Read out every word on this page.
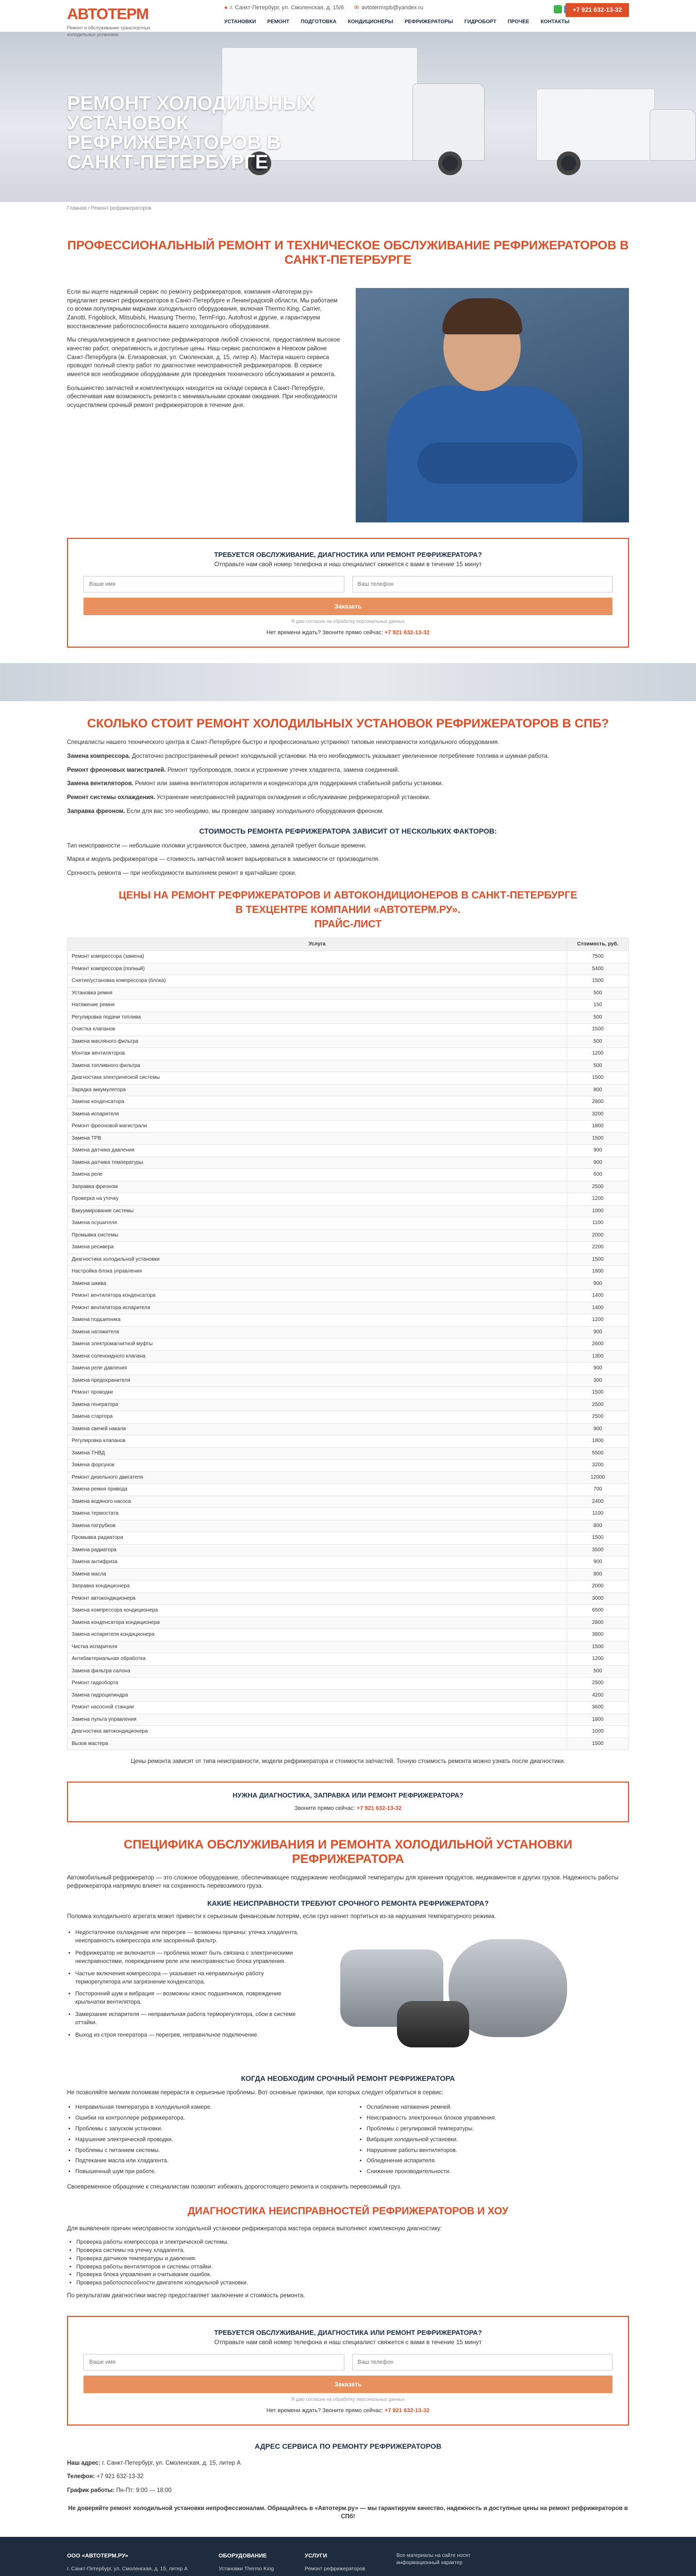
АВТОТЕРМ
Ремонт и обслуживание транспортных холодильных установок
● г. Санкт-Петербург, ул. Смоленская, д. 15/6 ✉ avtotermspb@yandex.ru	+7 921 632-13-32
УСТАНОВКИ РЕМОНТ ПОДГОТОВКА КОНДИЦИОНЕРЫ РЕФРИЖЕРАТОРЫ ГИДРОБОРТ ПРОЧЕЕ КОНТАКТЫ
РЕМОНТ ХОЛОДИЛЬНЫХ УСТАНОВОК РЕФРИЖЕРАТОРОВ В САНКТ-ПЕТЕРБУРГЕ
Главная / Ремонт рефрижераторов
ПРОФЕССИОНАЛЬНЫЙ РЕМОНТ И ТЕХНИЧЕСКОЕ ОБСЛУЖИВАНИЕ РЕФРИЖЕРАТОРОВ В САНКТ-ПЕТЕРБУРГЕ

Если вы ищете надежный сервис по ремонту рефрижераторов, компания «Автотерм.ру» предлагает ремонт рефрижераторов в Санкт-Петербурге и Ленинградской области. Мы работаем со всеми популярными марками холодильного оборудования, включая Thermo King, Carrier, Zanotti, Frigoblock, Mitsubishi, Hwasung Thermo, TermFrigo, Autofrost и другие, и гарантируем восстановление работоспособности вашего холодильного оборудования.

Мы специализируемся в диагностике рефрижераторов любой сложности, предоставляем высокое качество работ, оперативность и доступные цены. Наш сервис расположен в Невском районе Санкт-Петербурга (м. Елизаровская, ул. Смоленская, д. 15, литер А). Мастера нашего сервиса проводят полный спектр работ по диагностике неисправностей рефрижераторов. В сервисе имеется все необходимое оборудование для проведения технического обслуживания и ремонта.

Большинство запчастей и комплектующих находится на складе сервиса в Санкт-Петербурге, обеспечивая нам возможность ремонта с минимальными сроками ожидания. При необходимости осуществляем срочный ремонт рефрижераторов в течение дня.

ТРЕБУЕТСЯ ОБСЛУЖИВАНИЕ, ДИАГНОСТИКА ИЛИ РЕМОНТ РЕФРИЖЕРАТОРА?
Отправьте нам свой номер телефона и наш специалист свяжется с вами в течение 15 минут
Ваше имя
Ваш телефон
Заказать
Я даю согласие на обработку персональных данных
Нет времени ждать? Звоните прямо сейчас: +7 921 632-13-32
СКОЛЬКО СТОИТ РЕМОНТ ХОЛОДИЛЬНЫХ УСТАНОВОК РЕФРИЖЕРАТОРОВ В СПБ?

Специалисты нашего технического центра в Санкт-Петербурге быстро и профессионально устраняют типовые неисправности холодильного оборудования.

Замена компрессора. Достаточно распространенный ремонт холодильной установки. На его необходимость указывает увеличенное потребление топлива и шумная работа.

Ремонт фреоновых магистралей. Ремонт трубопроводов, поиск и устранение утечек хладагента, замена соединений.

Замена вентиляторов. Ремонт или замена вентиляторов испарителя и конденсатора для поддержания стабильной работы установки.

Ремонт системы охлаждения. Устранение неисправностей радиатора охлаждения и обслуживание рефрижераторной установки.

Заправка фреоном. Если для вас это необходимо, мы проведем заправку холодильного оборудования фреоном.

СТОИМОСТЬ РЕМОНТА РЕФРИЖЕРАТОРА ЗАВИСИТ ОТ НЕСКОЛЬКИХ ФАКТОРОВ:

Тип неисправности — небольшие поломки устраняются быстрее, замена деталей требует больше времени.

Марка и модель рефрижератора — стоимость запчастей может варьироваться в зависимости от производителя.

Срочность ремонта — при необходимости выполняем ремонт в кратчайшие сроки.

ЦЕНЫ НА РЕМОНТ РЕФРИЖЕРАТОРОВ И АВТОКОНДИЦИОНЕРОВ В САНКТ-ПЕТЕРБУРГЕ
В ТЕХЦЕНТРЕ КОМПАНИИ «АВТОТЕРМ.РУ».
ПРАЙС-ЛИСТ
Услуга	Стоимость, руб.
Ремонт компрессора (замена)	7500
Ремонт компрессора (полный)	5400
Снятие/установка компрессора (блока)	1500
Установка ремня	500
Натяжение ремня	150
Регулировка подачи топлива	500
Очистка клапанов	1500
Замена масляного фильтра	500
Монтаж вентиляторов	1200
Замена топливного фильтра	500
Диагностика электрической системы	1500
Зарядка аккумулятора	800
Замена конденсатора	2800
Замена испарителя	3200
Ремонт фреоновой магистрали	1800
Замена ТРВ	1500
Замена датчика давления	900
Замена датчика температуры	900
Замена реле	600
Заправка фреоном	2500
Проверка на утечку	1200
Вакуумирование системы	1000
Замена осушителя	1100
Промывка системы	2000
Замена ресивера	2200
Диагностика холодильной установки	1500
Настройка блока управления	1800
Замена шкива	900
Ремонт вентилятора конденсатора	1400
Ремонт вентилятора испарителя	1400
Замена подшипника	1200
Замена натяжителя	900
Замена электромагнитной муфты	2600
Замена соленоидного клапана	1300
Замена реле давления	900
Замена предохранителя	300
Ремонт проводки	1500
Замена генератора	2500
Замена стартера	2500
Замена свечей накала	900
Регулировка клапанов	1800
Замена ТНВД	5500
Замена форсунок	3200
Ремонт дизельного двигателя	12000
Замена ремня привода	700
Замена водяного насоса	2400
Замена термостата	1100
Замена патрубков	800
Промывка радиатора	1500
Замена радиатора	3500
Замена антифриза	900
Замена масла	800
Заправка кондиционера	2000
Ремонт автокондиционера	3000
Замена компрессора кондиционера	6500
Замена конденсатора кондиционера	2800
Замена испарителя кондиционера	3800
Чистка испарителя	1500
Антибактериальная обработка	1200
Замена фильтра салона	500
Ремонт гидроборта	2500
Замена гидроцилиндра	4200
Ремонт насосной станции	3600
Замена пульта управления	1800
Диагностика автокондиционера	1000
Вызов мастера	1500

Цены ремонта зависят от типа неисправности, модели рефрижератора и стоимости запчастей. Точную стоимость ремонта можно узнать после диагностики.

НУЖНА ДИАГНОСТИКА, ЗАПРАВКА ИЛИ РЕМОНТ РЕФРИЖЕРАТОРА?
Звоните прямо сейчас: +7 921 632-13-32
СПЕЦИФИКА ОБСЛУЖИВАНИЯ И РЕМОНТА ХОЛОДИЛЬНОЙ УСТАНОВКИ РЕФРИЖЕРАТОРА

Автомобильный рефрижератор — это сложное оборудование, обеспечивающее поддержание необходимой температуры для хранения продуктов, медикаментов и других грузов. Надежность работы рефрижератора напрямую влияет на сохранность перевозимого груза.

КАКИЕ НЕИСПРАВНОСТИ ТРЕБУЮТ СРОЧНОГО РЕМОНТА РЕФРИЖЕРАТОРА?

Поломка холодильного агрегата может привести к серьезным финансовым потерям, если груз начнет портиться из-за нарушения температурного режима.

• Недостаточное охлаждение или перегрев — возможны причины: утечка хладагента, неисправность компрессора или засоренный фильтр.
• Рефрижератор не включается — проблема может быть связана с электрическими неисправностями, повреждением реле или неисправностью блока управления.
• Частые включения компрессора — указывает на неправильную работу терморегулятора или загрязнение конденсатора.
• Посторонний шум и вибрация — возможны износ подшипников, повреждение крыльчатки вентилятора.
• Замерзание испарителя — неправильная работа терморегулятора, сбои в системе оттайки.
• Выход из строя генератора — перегрев, неправильное подключение.
КОГДА НЕОБХОДИМ СРОЧНЫЙ РЕМОНТ РЕФРИЖЕРАТОРА

Не позволяйте мелким поломкам перерасти в серьезные проблемы. Вот основные признаки, при которых следует обратиться в сервис:

• Неправильная температура в холодильной камере.
• Ошибки на контроллере рефрижератора.
• Проблемы с запуском установки.
• Нарушение электрической проводки.
• Проблемы с питанием системы.
• Подтекание масла или хладагента.
• Повышенный шум при работе.
• Ослабление натяжения ремней.
• Неисправность электронных блоков управления.
• Проблемы с регулировкой температуры.
• Вибрация холодильной установки.
• Нарушение работы вентиляторов.
• Обледенение испарителя.
• Снижение производительности.

Своевременное обращение к специалистам позволит избежать дорогостоящего ремонта и сохранить перевозимый груз.

ДИАГНОСТИКА НЕИСПРАВНОСТЕЙ РЕФРИЖЕРАТОРОВ И ХОУ

Для выявления причин неисправности холодильной установки рефрижератора мастера сервиса выполняют комплексную диагностику:

• Проверка работы компрессора и электрической системы.
• Проверка системы на утечку хладагента.
• Проверка датчиков температуры и давления.
• Проверка работы вентиляторов и системы оттайки.
• Проверка блока управления и считывание ошибок.
• Проверка работоспособности двигателя холодильной установки.

По результатам диагностики мастер предоставляет заключение и стоимость ремонта.

ТРЕБУЕТСЯ ОБСЛУЖИВАНИЕ, ДИАГНОСТИКА ИЛИ РЕМОНТ РЕФРИЖЕРАТОРА?
Отправьте нам свой номер телефона и наш специалист свяжется с вами в течение 15 минут
Ваше имя
Ваш телефон
Заказать
Я даю согласие на обработку персональных данных
Нет времени ждать? Звоните прямо сейчас: +7 921 632-13-32
АДРЕС СЕРВИСА ПО РЕМОНТУ РЕФРИЖЕРАТОРОВ

Наш адрес: г. Санкт-Петербург, ул. Смоленская, д. 15, литер А

Телефон: +7 921 632-13-32

График работы: Пн-Пт: 9:00 — 18:00

Не доверяйте ремонт холодильной установки непрофессионалам. Обращайтесь в «Автотерм.ру» — мы гарантируем качество, надежность и доступные цены на ремонт рефрижераторов в СПб!

ООО «АВТОТЕРМ.РУ»
г. Санкт-Петербург, ул. Смоленская, д. 15, литер А
ОБОРУДОВАНИЕ
Установки Thermo King
УСЛУГИ
Ремонт рефрижераторов
Все материалы на сайте носят информационный характер
